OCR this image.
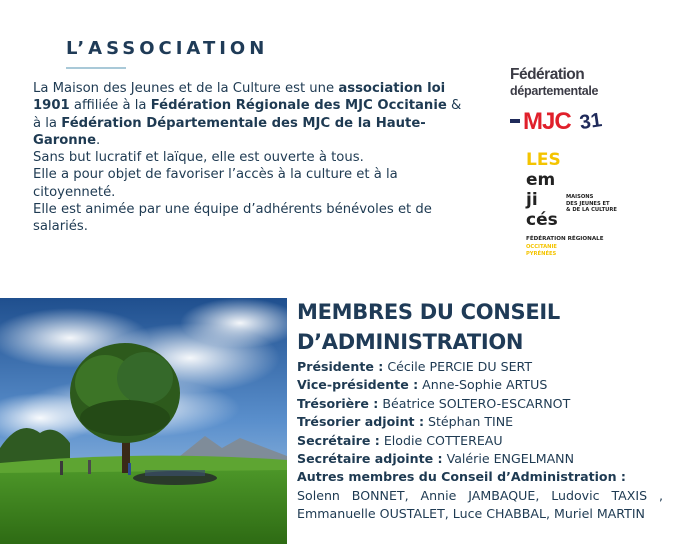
L’ASSOCIATION
La Maison des Jeunes et de la Culture est une association loi 1901 affiliée à la Fédération Régionale des MJC Occitanie & à la Fédération Départementale des MJC de la Haute-Garonne.
Sans but lucratif et laïque, elle est ouverte à tous.
Elle a pour objet de favoriser l’accès à la culture et à la citoyenneté.
Elle est animée par une équipe d’adhérents bénévoles et de salariés.
Fédération
départementale
MJC 31
LES
em
ji
cés
MAISONS
DES JEUNES ET
& DE LA CULTURE
FÉDÉRATION RÉGIONALE
OCCITANIE
PYRÉNÉES
MEMBRES DU CONSEIL D’ADMINISTRATION
Présidente : Cécile PERCIE DU SERT
Vice-présidente : Anne-Sophie ARTUS
Trésorière : Béatrice SOLTERO-ESCARNOT
Trésorier adjoint : Stéphan TINE
Secrétaire : Elodie COTTEREAU
Secrétaire adjointe : Valérie ENGELMANN
Autres membres du Conseil d’Administration :
Solenn BONNET, Annie JAMBAQUE, Ludovic TAXIS , Emmanuelle OUSTALET, Luce CHABBAL, Muriel MARTIN
